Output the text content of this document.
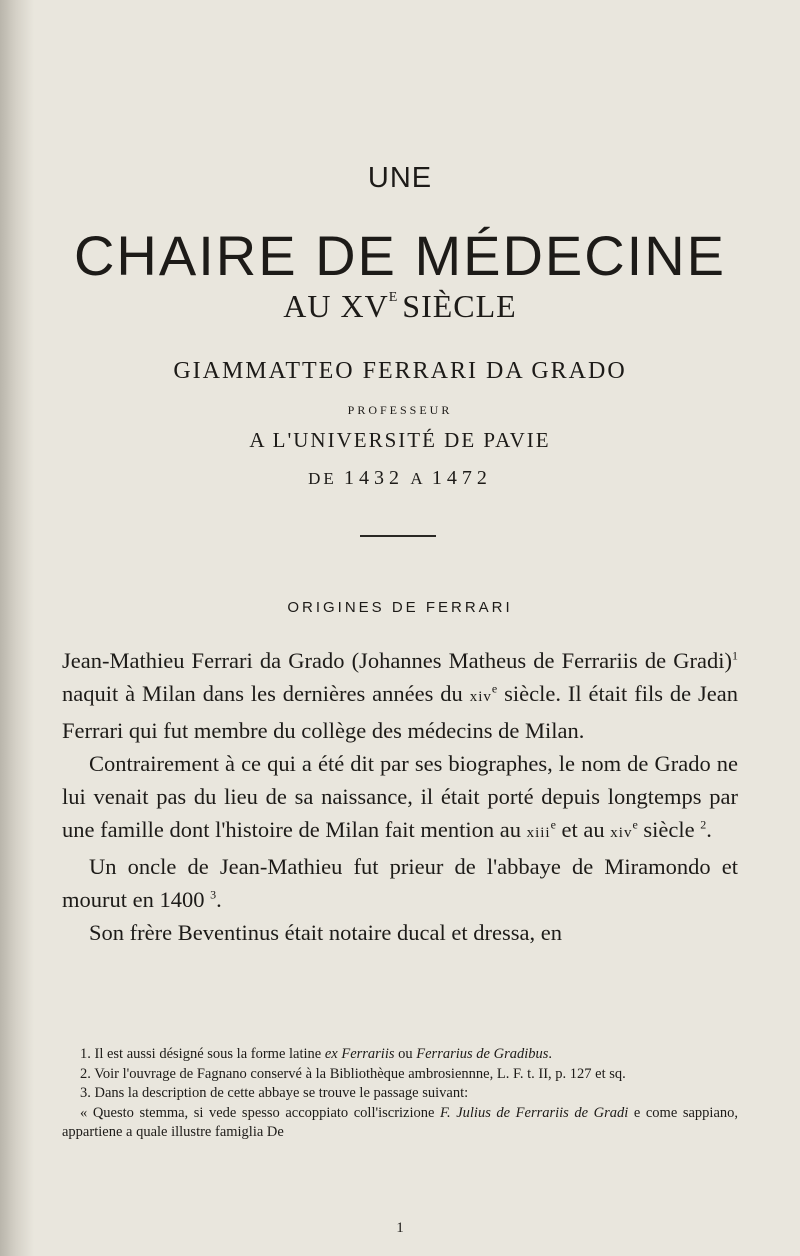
UNE
CHAIRE DE MÉDECINE
AU $XV^E$ SIÈCLE
GIAMMATTEO FERRARI DA GRADO
PROFESSEUR
A L'UNIVERSITÉ DE PAVIE
DE 1432 A 1472
ORIGINES DE FERRARI

Jean-Mathieu Ferrari da Grado (Johannes Matheus de Ferrariis de Gradi)$^1$ naquit à Milan dans les dernières années du xiv$^e$ siècle. Il était fils de Jean Ferrari qui fut membre du collège des médecins de Milan.

Contrairement à ce qui a été dit par ses biographes, le nom de Grado ne lui venait pas du lieu de sa naissance, il était porté depuis longtemps par une famille dont l'histoire de Milan fait mention au xiii$^e$ et au xiv$^e$ siècle $^2$.

Un oncle de Jean-Mathieu fut prieur de l'abbaye de Miramondo et mourut en 1400 $^3$.

Son frère Beventinus était notaire ducal et dressa, en

1. Il est aussi désigné sous la forme latine ex Ferrariis ou Ferrarius de Gradibus.

2. Voir l'ouvrage de Fagnano conservé à la Bibliothèque ambrosiennne, L. F. t. II, p. 127 et sq.

3. Dans la description de cette abbaye se trouve le passage suivant:

« Questo stemma, si vede spesso accoppiato coll'iscrizione F. Julius de Ferrariis de Gradi e come sappiano, appartiene a quale illustre famiglia De

1
